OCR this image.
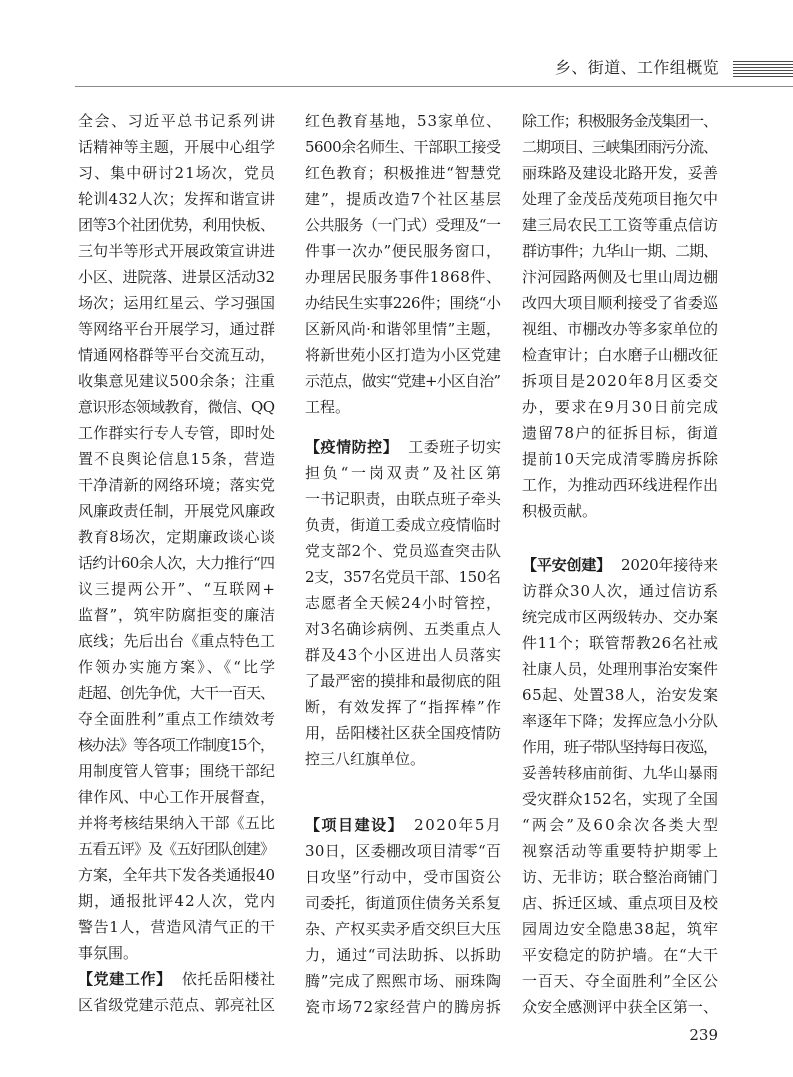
乡、街道、工作组概览
全会、习近平总书记系列讲
话精神等主题，开展中心组学
习、集中研讨21场次，党员
轮训432人次；发挥和谐宣讲
团等3个社团优势，利用快板、
三句半等形式开展政策宣讲进
小区、进院落、进景区活动32
场次；运用红星云、学习强国
等网络平台开展学习，通过群
情通网格群等平台交流互动，
收集意见建议500余条；注重
意识形态领域教育，微信、QQ
工作群实行专人专管，即时处
置不良舆论信息15条，营造
干净清新的网络环境；落实党
风廉政责任制，开展党风廉政
教育8场次，定期廉政谈心谈
话约计60余人次，大力推行“四
议三提两公开”、“互联网+
监督”，筑牢防腐拒变的廉洁
底线；先后出台《重点特色工
作领办实施方案》、《“比学
赶超、创先争优，大干一百天、
夺全面胜利”重点工作绩效考
核办法》等各项工作制度15个，
用制度管人管事；围绕干部纪
律作风、中心工作开展督查，
并将考核结果纳入干部《五比
五看五评》及《五好团队创建》
方案，全年共下发各类通报40
期，通报批评42人次，党内
警告1人，营造风清气正的干
事氛围。
【党建工作】 依托岳阳楼社
区省级党建示范点、郭亮社区
红色教育基地，53家单位、
5600余名师生、干部职工接受
红色教育；积极推进“智慧党
建”，提质改造7个社区基层
公共服务（一门式）受理及“一
件事一次办”便民服务窗口，
办理居民服务事件1868件、
办结民生实事226件；围绕“小
区新风尚·和谐邻里情”主题，
将新世苑小区打造为小区党建
示范点，做实“党建+小区自治”
工程。
【疫情防控】 工委班子切实
担负“一岗双责”及社区第
一书记职责，由联点班子牵头
负责，街道工委成立疫情临时
党支部2个、党员巡查突击队
2支，357名党员干部、150名
志愿者全天候24小时管控，
对3名确诊病例、五类重点人
群及43个小区进出人员落实
了最严密的摸排和最彻底的阻
断，有效发挥了“指挥棒”作
用，岳阳楼社区获全国疫情防
控三八红旗单位。
【项目建设】 2020年5月
30日，区委棚改项目清零“百
日攻坚”行动中，受市国资公
司委托，街道顶住债务关系复
杂、产权买卖矛盾交织巨大压
力，通过“司法助拆、以拆助
腾”完成了熙熙市场、丽珠陶
瓷市场72家经营户的腾房拆
除工作；积极服务金茂集团一、
二期项目、三峡集团雨污分流、
丽珠路及建设北路开发，妥善
处理了金茂岳茂苑项目拖欠中
建三局农民工工资等重点信访
群访事件；九华山一期、二期、
汴河园路两侧及七里山周边棚
改四大项目顺利接受了省委巡
视组、市棚改办等多家单位的
检查审计；白水磨子山棚改征
拆项目是2020年8月区委交
办，要求在9月30日前完成
遗留78户的征拆目标，街道
提前10天完成清零腾房拆除
工作，为推动西环线进程作出
积极贡献。
【平安创建】 2020年接待来
访群众30人次，通过信访系
统完成市区两级转办、交办案
件11个；联管帮教26名社戒
社康人员，处理刑事治安案件
65起、处置38人，治安发案
率逐年下降；发挥应急小分队
作用，班子带队坚持每日夜巡，
妥善转移庙前街、九华山暴雨
受灾群众152名，实现了全国
“两会”及60余次各类大型
视察活动等重要特护期零上
访、无非访；联合整治商铺门
店、拆迁区域、重点项目及校
园周边安全隐患38起，筑牢
平安稳定的防护墙。在“大干
一百天、夺全面胜利”全区公
众安全感测评中获全区第一、
239
